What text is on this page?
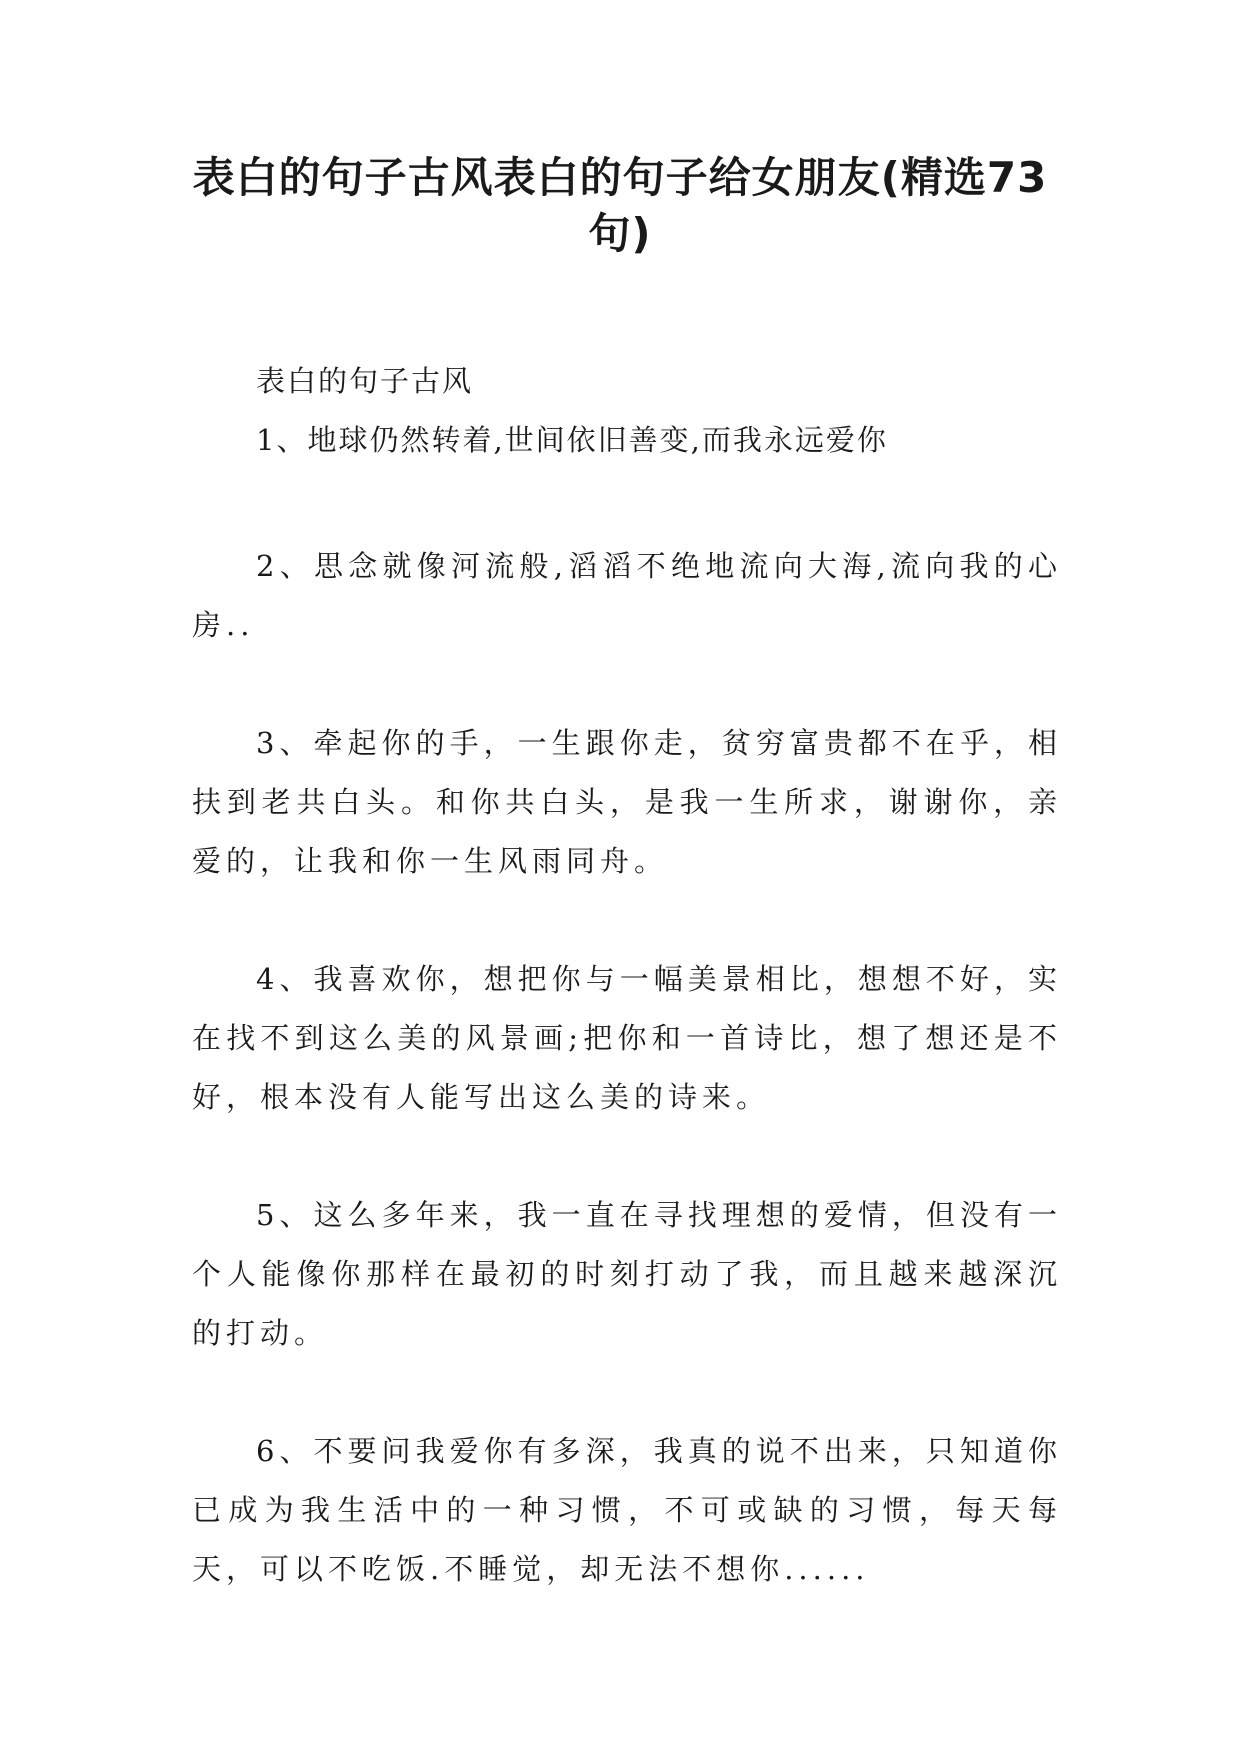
表白的句子古风表白的句子给女朋友(精选73句)

表白的句子古风

1、地球仍然转着,世间依旧善变,而我永远爱你

2、思念就像河流般,滔滔不绝地流向大海,流向我的心房..

3、牵起你的手，一生跟你走，贫穷富贵都不在乎，相扶到老共白头。和你共白头，是我一生所求，谢谢你，亲爱的，让我和你一生风雨同舟。

4、我喜欢你，想把你与一幅美景相比，想想不好，实在找不到这么美的风景画;把你和一首诗比，想了想还是不好，根本没有人能写出这么美的诗来。

5、这么多年来，我一直在寻找理想的爱情，但没有一个人能像你那样在最初的时刻打动了我，而且越来越深沉的打动。

6、不要问我爱你有多深，我真的说不出来，只知道你已成为我生活中的一种习惯，不可或缺的习惯，每天每天，可以不吃饭.不睡觉，却无法不想你......
